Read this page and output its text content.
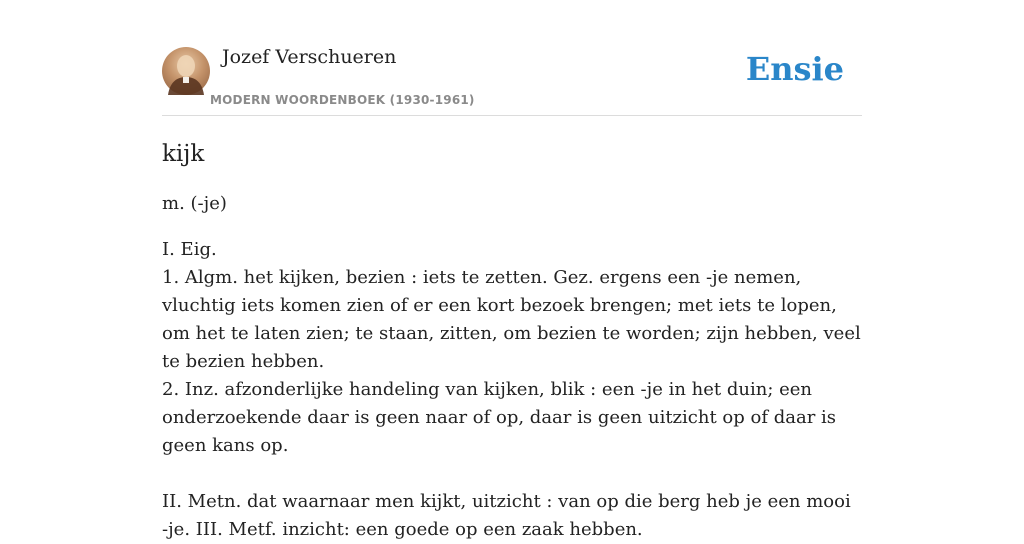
Jozef Verschueren
MODERN WOORDENBOEK (1930-1961)
Ensie
kijk

m. (-je)

I. Eig.
1. Algm. het kijken, bezien : iets te zetten. Gez. ergens een -je nemen, vluchtig iets komen zien of er een kort bezoek brengen; met iets te lopen, om het te laten zien; te staan, zitten, om bezien te worden; zijn hebben, veel te bezien hebben.
2. Inz. afzonderlijke handeling van kijken, blik : een -je in het duin; een onderzoekende daar is geen naar of op, daar is geen uitzicht op of daar is geen kans op.

II. Metn. dat waarnaar men kijkt, uitzicht : van op die berg heb je een mooi -je. III. Metf. inzicht: een goede op een zaak hebben.
